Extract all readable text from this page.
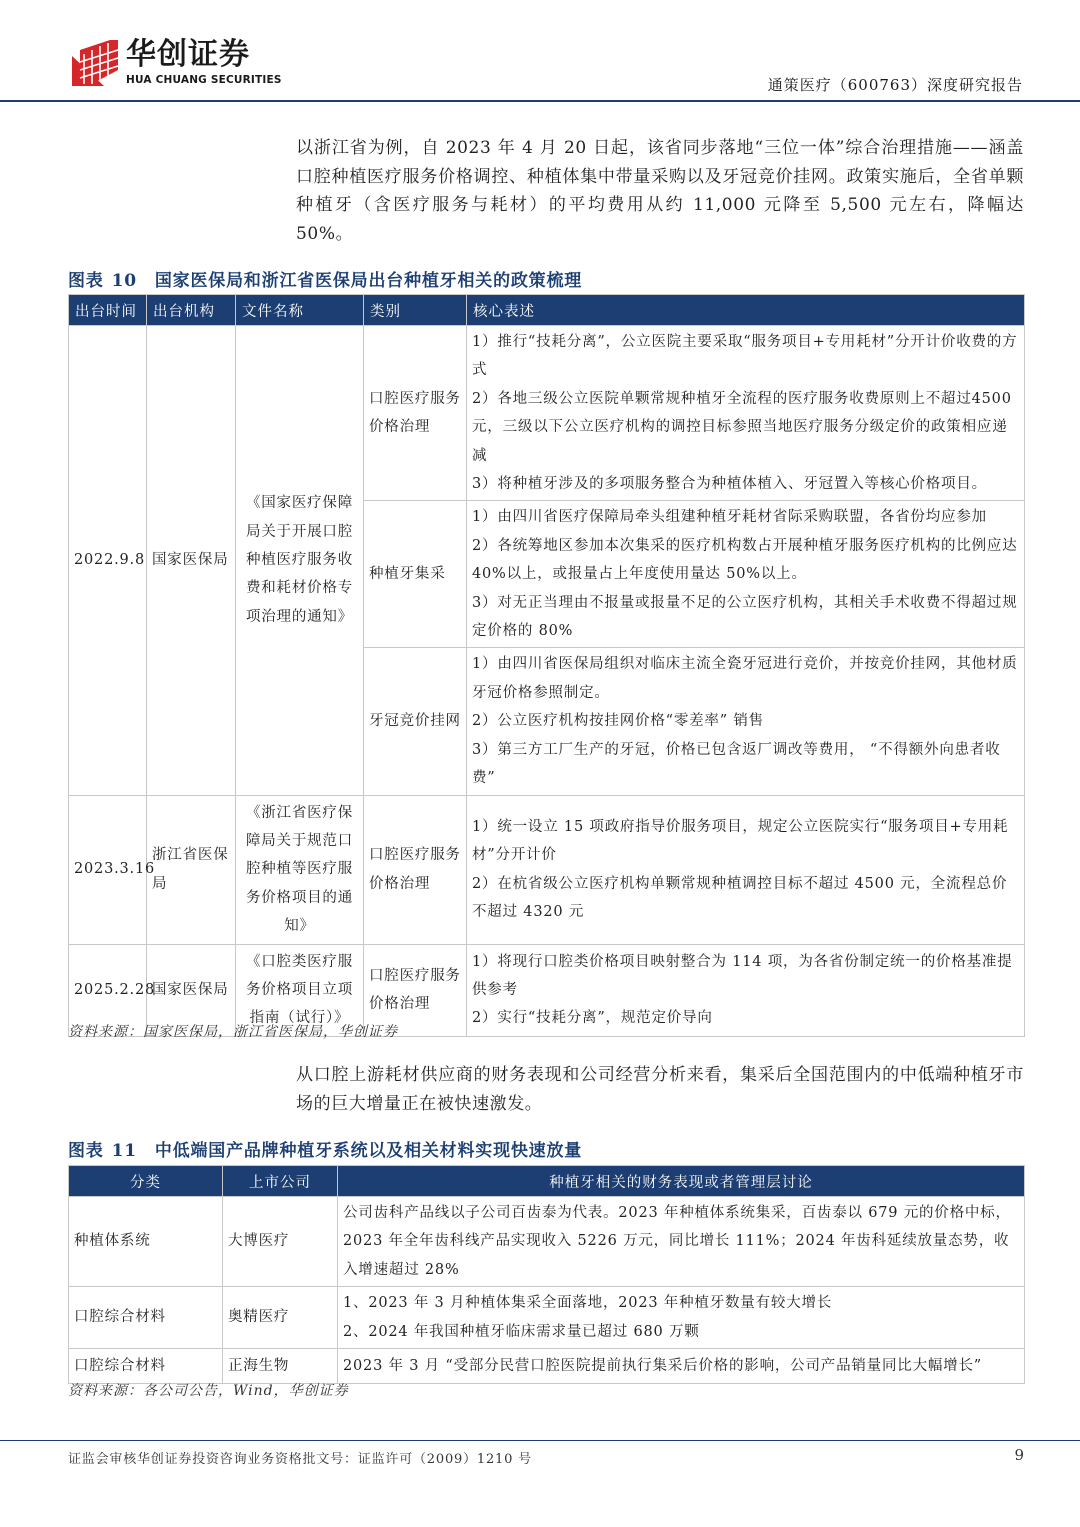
华创证券
HUA CHUANG SECURITIES	通策医疗（600763）深度研究报告
以浙江省为例，自 2023 年 4 月 20 日起，该省同步落地“三位一体”综合治理措施——涵盖口腔种植医疗服务价格调控、种植体集中带量采购以及牙冠竞价挂网。政策实施后，全省单颗种植牙（含医疗服务与耗材）的平均费用从约 11,000 元降至 5,500 元左右，降幅达 50%。
图表 10 国家医保局和浙江省医保局出台种植牙相关的政策梳理
出台时间	出台机构	文件名称	类别	核心表述
2022.9.8	国家医保局	《国家医疗保障局关于开展口腔种植医疗服务收费和耗材价格专项治理的通知》	口腔医疗服务价格治理	1）推行“技耗分离”，公立医院主要采取“服务项目+专用耗材”分开计价收费的方式
2）各地三级公立医院单颗常规种植牙全流程的医疗服务收费原则上不超过4500 元，三级以下公立医疗机构的调控目标参照当地医疗服务分级定价的政策相应递减
3）将种植牙涉及的多项服务整合为种植体植入、牙冠置入等核心价格项目。

			种植牙集采	1）由四川省医疗保障局牵头组建种植牙耗材省际采购联盟，各省份均应参加
2）各统筹地区参加本次集采的医疗机构数占开展种植牙服务医疗机构的比例应达 40%以上，或报量占上年度使用量达 50%以上。
3）对无正当理由不报量或报量不足的公立医疗机构，其相关手术收费不得超过规定价格的 80%

			牙冠竞价挂网	1）由四川省医保局组织对临床主流全瓷牙冠进行竞价，并按竞价挂网，其他材质牙冠价格参照制定。
2）公立医疗机构按挂网价格“零差率” 销售
3）第三方工厂生产的牙冠，价格已包含返厂调改等费用， “不得额外向患者收费”

2023.3.16	浙江省医保局	《浙江省医疗保障局关于规范口腔种植等医疗服务价格项目的通知》	口腔医疗服务价格治理	1）统一设立 15 项政府指导价服务项目，规定公立医院实行“服务项目+专用耗材”分开计价
2）在杭省级公立医疗机构单颗常规种植调控目标不超过 4500 元，全流程总价不超过 4320 元

2025.2.28	国家医保局	《口腔类医疗服务价格项目立项指南（试行）》	口腔医疗服务价格治理	1）将现行口腔类价格项目映射整合为 114 项，为各省份制定统一的价格基准提供参考
2）实行“技耗分离”，规范定价导向
资料来源：国家医保局，浙江省医保局，华创证券
从口腔上游耗材供应商的财务表现和公司经营分析来看，集采后全国范围内的中低端种植牙市场的巨大增量正在被快速激发。
图表 11 中低端国产品牌种植牙系统以及相关材料实现快速放量
分类	上市公司	种植牙相关的财务表现或者管理层讨论
种植体系统	大博医疗	公司齿科产品线以子公司百齿泰为代表。2023 年种植体系统集采，百齿泰以 679 元的价格中标，2023 年全年齿科线产品实现收入 5226 万元，同比增长 111%；2024 年齿科延续放量态势，收入增速超过 28%

口腔综合材料	奥精医疗	1、2023 年 3 月种植体集采全面落地，2023 年种植牙数量有较大增长
2、2024 年我国种植牙临床需求量已超过 680 万颗

口腔综合材料	正海生物	2023 年 3 月 “受部分民营口腔医院提前执行集采后价格的影响，公司产品销量同比大幅增长”
资料来源：各公司公告，Wind，华创证券
证监会审核华创证券投资咨询业务资格批文号：证监许可（2009）1210 号	9
